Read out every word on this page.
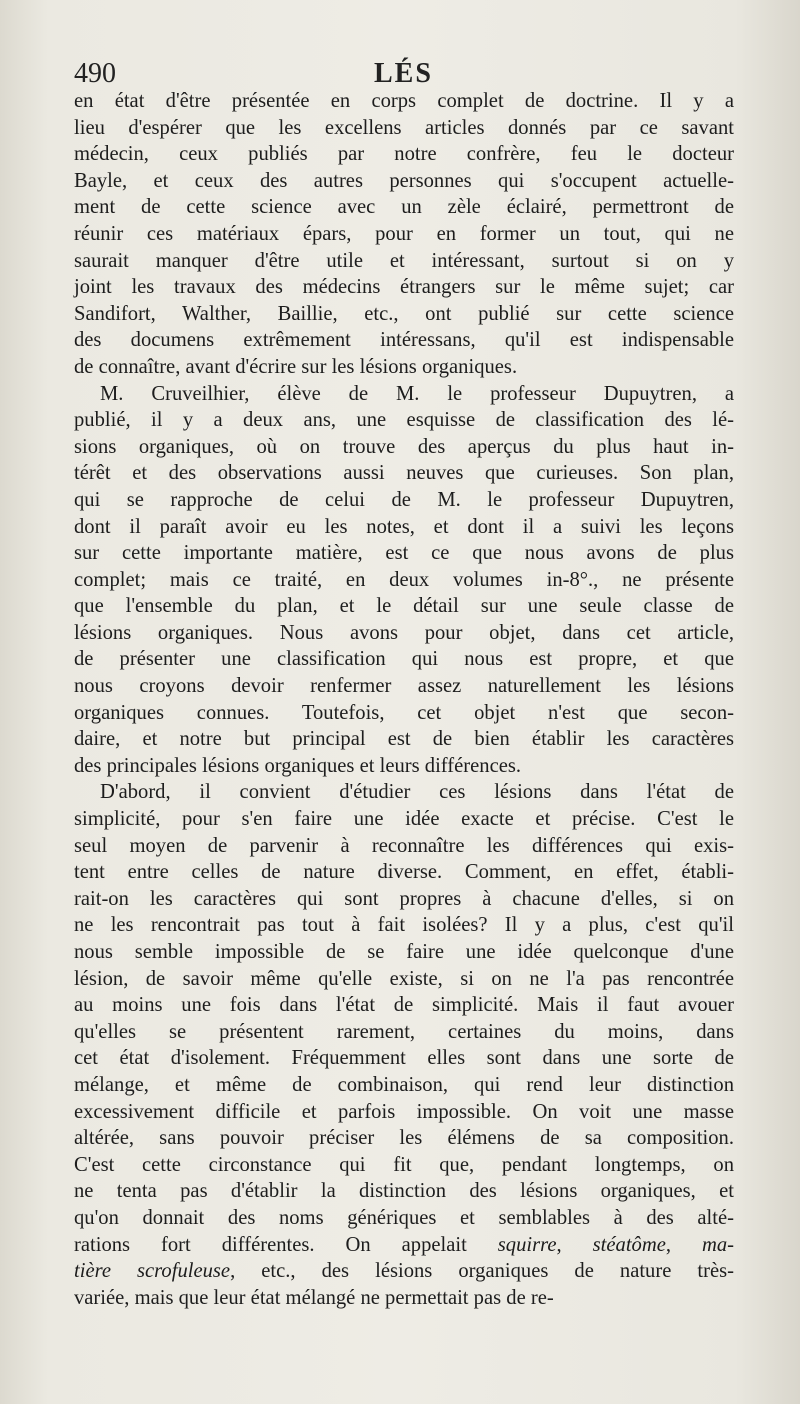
490	LÉS
en état d'être présentée en corps complet de doctrine. Il y a
lieu d'espérer que les excellens articles donnés par ce savant
médecin, ceux publiés par notre confrère, feu le docteur
Bayle, et ceux des autres personnes qui s'occupent actuelle-
ment de cette science avec un zèle éclairé, permettront de
réunir ces matériaux épars, pour en former un tout, qui ne
saurait manquer d'être utile et intéressant, surtout si on y
joint les travaux des médecins étrangers sur le même sujet; car
Sandifort, Walther, Baillie, etc., ont publié sur cette science
des documens extrêmement intéressans, qu'il est indispensable
de connaître, avant d'écrire sur les lésions organiques.
M. Cruveilhier, élève de M. le professeur Dupuytren, a
publié, il y a deux ans, une esquisse de classification des lé-
sions organiques, où on trouve des aperçus du plus haut in-
térêt et des observations aussi neuves que curieuses. Son plan,
qui se rapproche de celui de M. le professeur Dupuytren,
dont il paraît avoir eu les notes, et dont il a suivi les leçons
sur cette importante matière, est ce que nous avons de plus
complet; mais ce traité, en deux volumes in-8°., ne présente
que l'ensemble du plan, et le détail sur une seule classe de
lésions organiques. Nous avons pour objet, dans cet article,
de présenter une classification qui nous est propre, et que
nous croyons devoir renfermer assez naturellement les lésions
organiques connues. Toutefois, cet objet n'est que secon-
daire, et notre but principal est de bien établir les caractères
des principales lésions organiques et leurs différences.
D'abord, il convient d'étudier ces lésions dans l'état de
simplicité, pour s'en faire une idée exacte et précise. C'est le
seul moyen de parvenir à reconnaître les différences qui exis-
tent entre celles de nature diverse. Comment, en effet, établi-
rait-on les caractères qui sont propres à chacune d'elles, si on
ne les rencontrait pas tout à fait isolées? Il y a plus, c'est qu'il
nous semble impossible de se faire une idée quelconque d'une
lésion, de savoir même qu'elle existe, si on ne l'a pas rencontrée
au moins une fois dans l'état de simplicité. Mais il faut avouer
qu'elles se présentent rarement, certaines du moins, dans
cet état d'isolement. Fréquemment elles sont dans une sorte de
mélange, et même de combinaison, qui rend leur distinction
excessivement difficile et parfois impossible. On voit une masse
altérée, sans pouvoir préciser les élémens de sa composition.
C'est cette circonstance qui fit que, pendant longtemps, on
ne tenta pas d'établir la distinction des lésions organiques, et
qu'on donnait des noms génériques et semblables à des alté-
rations fort différentes. On appelait squirre, stéatôme, ma-
tière scrofuleuse, etc., des lésions organiques de nature très-
variée, mais que leur état mélangé ne permettait pas de re-
